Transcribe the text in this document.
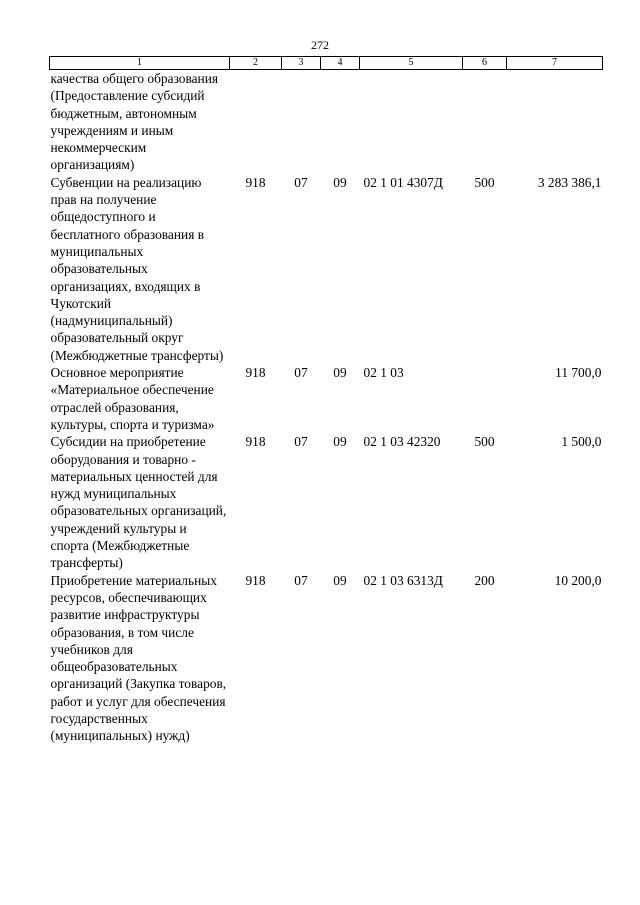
272
1	2	3	4	5	6	7
качества общего образования (Предоставление субсидий бюджетным, автономным учреждениям и иным некоммерческим организациям)						
Субвенции на реализацию прав на получение общедоступного и бесплатного образования в муниципальных образовательных организациях, входящих в Чукотский (надмуниципальный) образовательный округ (Межбюджетные трансферты)	918	07	09	02 1 01 4307Д	500	3 283 386,1
Основное мероприятие «Материальное обеспечение отраслей образования, культуры, спорта и туризма»	918	07	09	02 1 03		11 700,0
Субсидии на приобретение оборудования и товарно - материальных ценностей для нужд муниципальных образовательных организаций, учреждений культуры и спорта (Межбюджетные трансферты)	918	07	09	02 1 03 42320	500	1 500,0
Приобретение материальных ресурсов, обеспечивающих развитие инфраструктуры образования, в том числе учебников для общеобразовательных организаций (Закупка товаров, работ и услуг для обеспечения государственных (муниципальных) нужд)	918	07	09	02 1 03 6313Д	200	10 200,0
